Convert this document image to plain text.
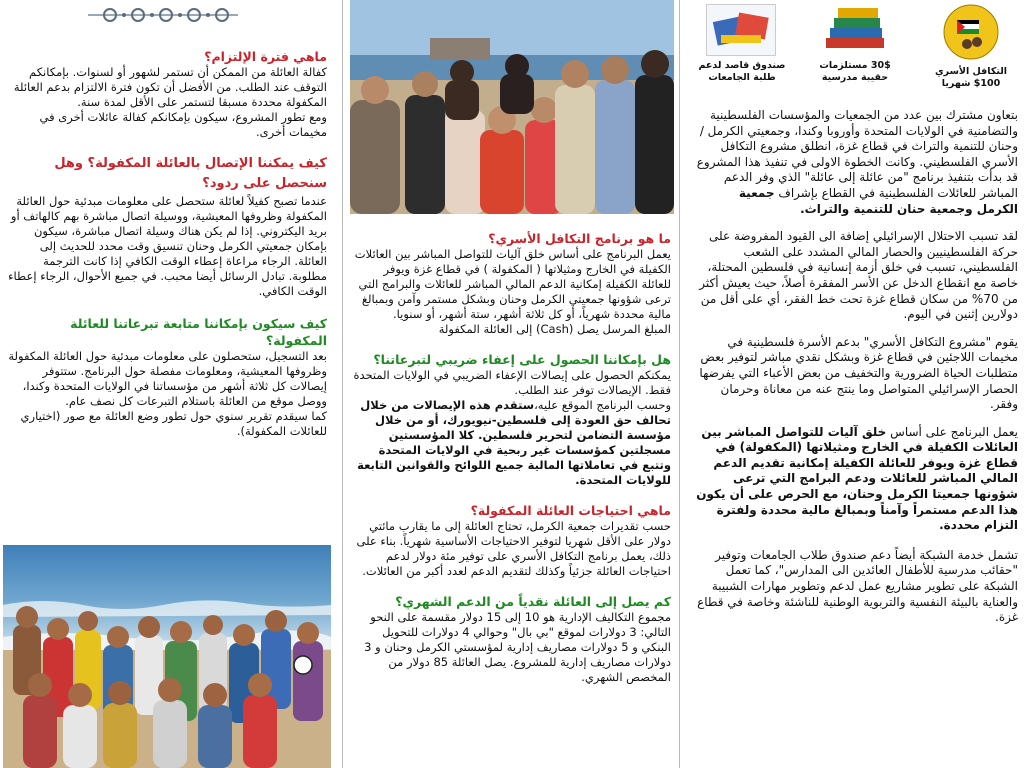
ماهي فترة الإلتزام؟

كفالة العائلة من الممكن أن تستمر لشهور أو لسنوات. بإمكانكم التوقف عند الطلب. من الأفضل أن تكون فترة الالتزام بدعم العائلة المكفولة محددة مسبقا لتستمر على الأقل لمدة سنة.

ومع تطور المشروع، سيكون بإمكانكم كفالة عائلات أخرى في مخيمات أخرى.

كيف يمكننا الإتصال بالعائلة المكفولة؟ وهل سنحصل على ردود؟

عندما تصبح كفيلاً لعائلة ستحصل على معلومات مبدئية حول العائلة المكفولة وظروفها المعيشية، ووسيلة اتصال مباشرة بهم كالهاتف أو بريد اليكتروني. إذا لم يكن هناك وسيلة اتصال مباشرة، سيكون بإمكان جمعيتي الكرمل وحنان تنسيق وقت محدد للحديث إلى العائلة. الرجاء مراعاة إعطاء الوقت الكافي إذا كانت الترجمة مطلوبة. تبادل الرسائل أيضا محبب. في جميع الأحوال، الرجاء إعطاء الوقت الكافي.

كيف سيكون بإمكاننا متابعة تبرعاتنا للعائلة المكفولة؟

بعد التسجيل، ستحصلون على معلومات مبدئية حول العائلة المكفولة وظروفها المعيشية، ومعلومات مفصلة حول البرنامج. ستتوفر إيصالات كل ثلاثة أشهر من مؤسساتنا في الولايات المتحدة وكندا، ووصل موقع من العائلة باستلام التبرعات كل نصف عام.

كما سيقدم تقرير سنوي حول تطور وضع العائلة مع صور (اختياري للعائلات المكفولة).

ما هو برنامج التكافل الأسري؟

يعمل البرنامج على أساس خلق آليات للتواصل المباشر بين العائلات الكفيلة في الخارج ومثيلاتها ( المكفولة ) في قطاع غزة ويوفر للعائلة الكفيلة إمكانية الدعم المالي المباشر للعائلات والبرامج التي ترعى شؤونها جمعيتي الكرمل وحنان وبشكل مستمر وآمن وبمبالغ مالية محددة شهرياً، أو كل ثلاثة أشهر، ستة أشهر، أو سنويا.

المبلغ المرسل يصل (Cash) إلى العائلة المكفولة

هل بإمكاننا الحصول على إعفاء ضريبي لتبرعاتنا؟

يمكنكم الحصول على إيصالات الإعفاء الضريبي في الولايات المتحدة فقط. الإيصالات توفر عند الطلب.

وحسب البرنامج الموقع عليه،ستقدم هذه الإيصالات من خلال تحالف حق العودة إلى فلسطين-نيويورك، أو من خلال مؤسسة التضامن لتحرير فلسطين. كلا المؤسستين مسجلتين كمؤسسات غير ربحية في الولايات المتحدة وتتبع في تعاملاتها المالية جميع اللوائح والقوانين التابعة للولايات المتحدة.

ماهي احتياجات العائلة المكفولة؟

حسب تقديرات جمعية الكرمل، تحتاج العائلة إلى ما يقارب مائتي دولار على الأقل شهريا لتوفير الاحتياجات الأساسية شهرياً. بناء على ذلك، يعمل برنامج التكافل الأسري على توفير مئة دولار لدعم احتياجات العائلة جزئياً وكذلك لتقديم الدعم لعدد أكبر من العائلات.

كم يصل إلى العائلة نقدياً من الدعم الشهري؟

مجموع التكاليف الإدارية هو 10 إلى 15 دولار مقسمة على النحو التالي: 3 دولارات لموقع "بي بال" وحوالي 4 دولارات للتحويل البنكي و 5 دولارات مصاريف إدارية لمؤسستي الكرمل وحنان و 3 دولارات مصاريف إدارية للمشروع. يصل العائلة 85 دولار من المخصص الشهري.

التكافل الأسري 100$ شهريا
30$ مستلزمات حقيبة مدرسية
صندوق قاصد لدعم طلبة الجامعات

بتعاون مشترك بين عدد من الجمعيات والمؤسسات الفلسطينية والتضامنية في الولايات المتحدة وأوروبا وكندا، وجمعيتي الكرمل /وحنان للتنمية والتراث في قطاع غزة، انطلق مشروع التكافل الأسري الفلسطيني. وكانت الخطوة الاولى في تنفيذ هذا المشروع قد بدأت بتنفيذ برنامج "من عائلة إلى عائلة" الذي وفر الدعم المباشر للعائلات الفلسطينية في القطاع بإشراف جمعية الكرمل وجمعية حنان للتنمية والتراث.

لقد تسبب الاحتلال الإسرائيلي إضافة الى القيود المفروضة على حركة الفلسطينيين والحصار المالي المشدد على الشعب الفلسطيني، تسبب في خلق أزمة إنسانية في فلسطين المحتلة، خاصة مع انقطاع الدخل عن الأسر المفقرة أصلاً، حيث يعيش أكثر من 70% من سكان قطاع غزة تحت خط الفقر، أي على أقل من دولارين إثنين في اليوم.

يقوم "مشروع التكافل الأسري" بدعم الأسرة فلسطينية في مخيمات اللاجئين في قطاع غزة وبشكل نقدي مباشر لتوفير بعض متطلبات الحياة الضرورية والتخفيف من بعض الأعباء التي يفرضها الحصار الإسرائيلي المتواصل وما ينتج عنه من معاناة وحرمان وفقر.

يعمل البرنامج على أساس خلق آليات للتواصل المباشر بين العائلات الكفيلة في الخارج ومثيلاتها (المكفولة) في قطاع غزة ويوفر للعائلة الكفيلة إمكانية تقديم الدعم المالي المباشر للعائلات ودعم البرامج التي ترعى شؤونها جمعيتا الكرمل وحنان، مع الحرص على أن يكون هذا الدعم مستمراً وآمناً وبمبالغ مالية محددة ولفترة التزام محددة.

تشمل خدمة الشبكة أيضاً دعم صندوق طلاب الجامعات وتوفير "حقائب مدرسية للأطفال العائدين الى المدارس"، كما تعمل الشبكة على تطوير مشاريع عمل لدعم وتطوير مهارات الشبيبة والعناية بالبيئة النفسية والتربوية الوطنية للناشئة وخاصة في قطاع غزة.
